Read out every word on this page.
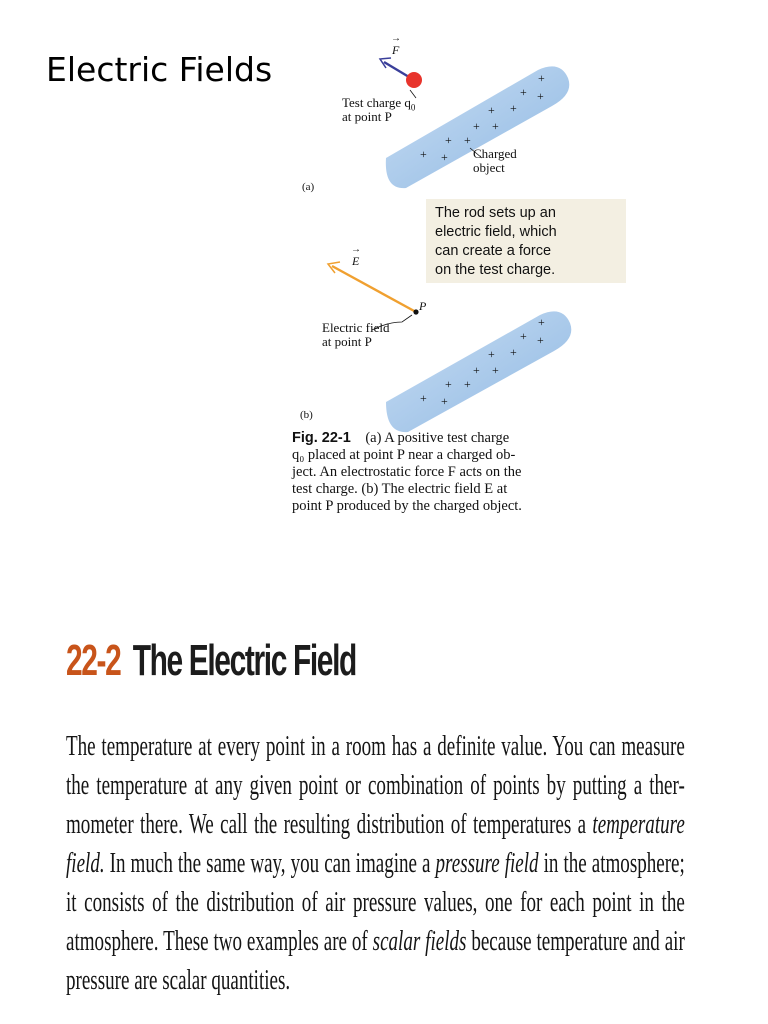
Electric Fields	+
+ +
+ +
+ +
+ +
+ +
+
+ +
+ +
+ +
+ +
+ +
→ F
Test charge $q_0$
at point P
Charged
object
(a)
→ E
P
Electric field
at point P
(b)
The rod sets up an
electric field, which
can create a force
on the test charge.
Fig. 22-1 (a) A positive test charge
q₀ placed at point P near a charged ob-
ject. An electrostatic force F acts on the
test charge. (b) The electric field E at
point P produced by the charged object.
22-2 The Electric Field

The temperature at every point in a room has a definite value. You can measure the temperature at any given point or combination of points by putting a ther-mometer there. We call the resulting distribution of temperatures a temperature field. In much the same way, you can imagine a pressure field in the atmosphere; it consists of the distribution of air pressure values, one for each point in the atmosphere. These two examples are of scalar fields because temperature and air pressure are scalar quantities.
